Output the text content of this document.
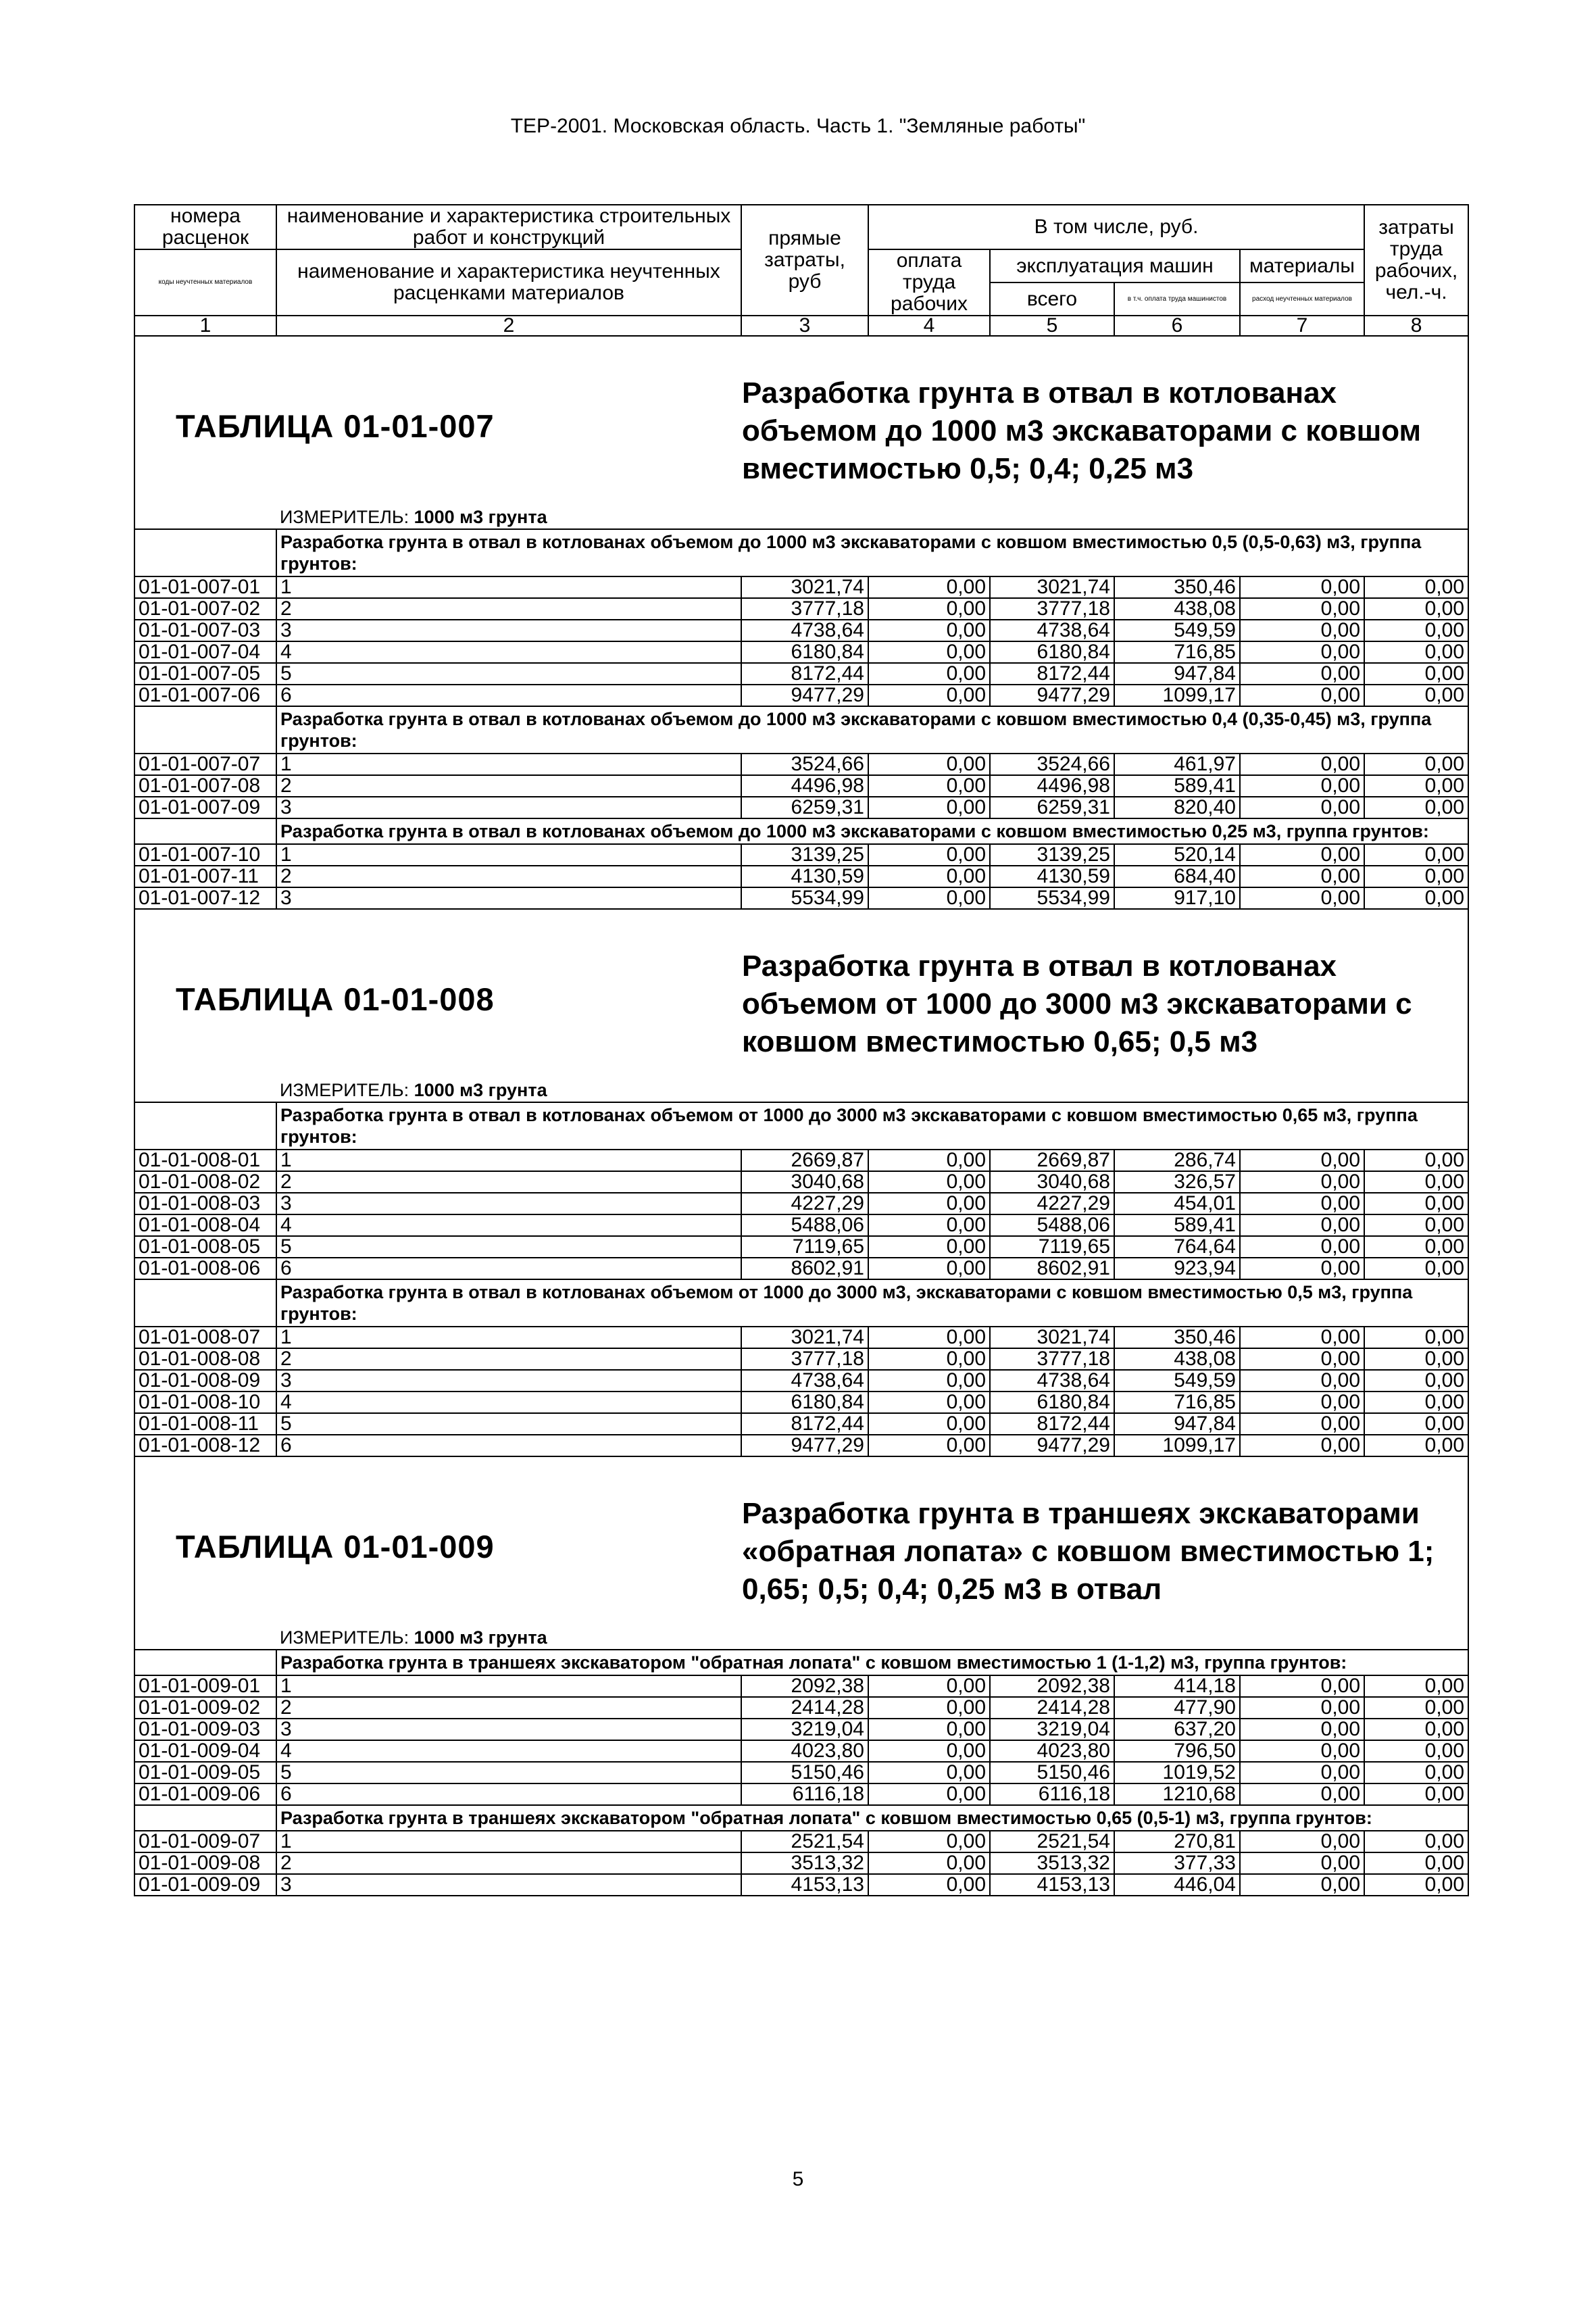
ТЕР-2001. Московская область. Часть 1. "Земляные работы"
номера расценок	наименование и характеристика строительных работ и конструкций	прямые затраты, руб	В том числе, руб.				затраты труда рабочих, чел.-ч.
коды неучтенных материалов	наименование и характеристика неучтенных расценками материалов		оплата труда рабочих	эксплуатация машин		материалы	
				всего	в т.ч. оплата труда машинистов	расход неучтенных материалов	
1	2	3	4	5	6	7	8

ТАБЛИЦА 01-01-007
Разработка грунта в отвал в котлованах объемом до 1000 м3 экскаваторами с ковшом вместимостью 0,5; 0,4; 0,25 м3							

	ИЗМЕРИТЕЛЬ: 1000 м3 грунта						
	Разработка грунта в отвал в котлованах объемом до 1000 м3 экскаваторами с ковшом вместимостью 0,5 (0,5-0,63) м3, группа грунтов:						
01-01-007-01	1	3021,74	0,00	3021,74	350,46	0,00	0,00
01-01-007-02	2	3777,18	0,00	3777,18	438,08	0,00	0,00
01-01-007-03	3	4738,64	0,00	4738,64	549,59	0,00	0,00
01-01-007-04	4	6180,84	0,00	6180,84	716,85	0,00	0,00
01-01-007-05	5	8172,44	0,00	8172,44	947,84	0,00	0,00
01-01-007-06	6	9477,29	0,00	9477,29	1099,17	0,00	0,00
	Разработка грунта в отвал в котлованах объемом до 1000 м3 экскаваторами с ковшом вместимостью 0,4 (0,35-0,45) м3, группа грунтов:						
01-01-007-07	1	3524,66	0,00	3524,66	461,97	0,00	0,00
01-01-007-08	2	4496,98	0,00	4496,98	589,41	0,00	0,00
01-01-007-09	3	6259,31	0,00	6259,31	820,40	0,00	0,00
	Разработка грунта в отвал в котлованах объемом до 1000 м3 экскаваторами с ковшом вместимостью 0,25 м3, группа грунтов:						
01-01-007-10	1	3139,25	0,00	3139,25	520,14	0,00	0,00
01-01-007-11	2	4130,59	0,00	4130,59	684,40	0,00	0,00
01-01-007-12	3	5534,99	0,00	5534,99	917,10	0,00	0,00

ТАБЛИЦА 01-01-008
Разработка грунта в отвал в котлованах объемом от 1000 до 3000 м3 экскаваторами с ковшом вместимостью 0,65; 0,5 м3							

	ИЗМЕРИТЕЛЬ: 1000 м3 грунта						
	Разработка грунта в отвал в котлованах объемом от 1000 до 3000 м3 экскаваторами с ковшом вместимостью 0,65 м3, группа грунтов:						
01-01-008-01	1	2669,87	0,00	2669,87	286,74	0,00	0,00
01-01-008-02	2	3040,68	0,00	3040,68	326,57	0,00	0,00
01-01-008-03	3	4227,29	0,00	4227,29	454,01	0,00	0,00
01-01-008-04	4	5488,06	0,00	5488,06	589,41	0,00	0,00
01-01-008-05	5	7119,65	0,00	7119,65	764,64	0,00	0,00
01-01-008-06	6	8602,91	0,00	8602,91	923,94	0,00	0,00
	Разработка грунта в отвал в котлованах объемом от 1000 до 3000 м3, экскаваторами с ковшом вместимостью 0,5 м3, группа грунтов:						
01-01-008-07	1	3021,74	0,00	3021,74	350,46	0,00	0,00
01-01-008-08	2	3777,18	0,00	3777,18	438,08	0,00	0,00
01-01-008-09	3	4738,64	0,00	4738,64	549,59	0,00	0,00
01-01-008-10	4	6180,84	0,00	6180,84	716,85	0,00	0,00
01-01-008-11	5	8172,44	0,00	8172,44	947,84	0,00	0,00
01-01-008-12	6	9477,29	0,00	9477,29	1099,17	0,00	0,00

ТАБЛИЦА 01-01-009
Разработка грунта в траншеях экскаваторами «обратная лопата» с ковшом вместимостью 1; 0,65; 0,5; 0,4; 0,25 м3 в отвал							

	ИЗМЕРИТЕЛЬ: 1000 м3 грунта						
	Разработка грунта в траншеях экскаватором "обратная лопата" с ковшом вместимостью 1 (1-1,2) м3, группа грунтов:						
01-01-009-01	1	2092,38	0,00	2092,38	414,18	0,00	0,00
01-01-009-02	2	2414,28	0,00	2414,28	477,90	0,00	0,00
01-01-009-03	3	3219,04	0,00	3219,04	637,20	0,00	0,00
01-01-009-04	4	4023,80	0,00	4023,80	796,50	0,00	0,00
01-01-009-05	5	5150,46	0,00	5150,46	1019,52	0,00	0,00
01-01-009-06	6	6116,18	0,00	6116,18	1210,68	0,00	0,00
	Разработка грунта в траншеях экскаватором "обратная лопата" с ковшом вместимостью 0,65 (0,5-1) м3, группа грунтов:						
01-01-009-07	1	2521,54	0,00	2521,54	270,81	0,00	0,00
01-01-009-08	2	3513,32	0,00	3513,32	377,33	0,00	0,00
01-01-009-09	3	4153,13	0,00	4153,13	446,04	0,00	0,00
5
